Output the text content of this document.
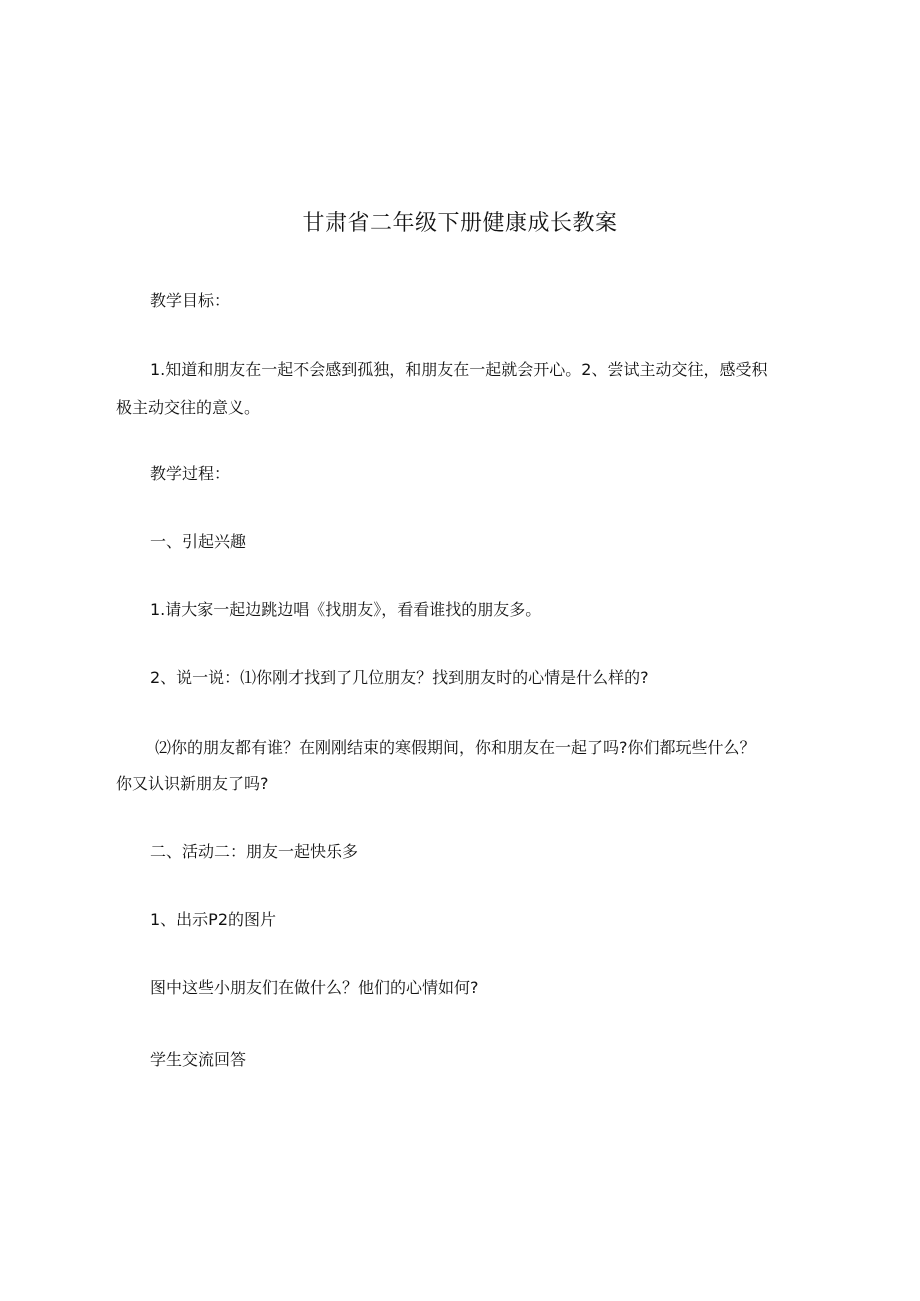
甘肃省二年级下册健康成长教案
教学目标：
1.知道和朋友在一起不会感到孤独，和朋友在一起就会开心。2、尝试主动交往，感受积
极主动交往的意义。
教学过程：
一、引起兴趣
1.请大家一起边跳边唱《找朋友》，看看谁找的朋友多。
2、说一说：⑴你刚才找到了几位朋友？找到朋友时的心情是什么样的?
⑵你的朋友都有谁？在刚刚结束的寒假期间，你和朋友在一起了吗?你们都玩些什么？
你又认识新朋友了吗?
二、活动二：朋友一起快乐多
1、出示P2的图片
图中这些小朋友们在做什么？他们的心情如何?
学生交流回答
